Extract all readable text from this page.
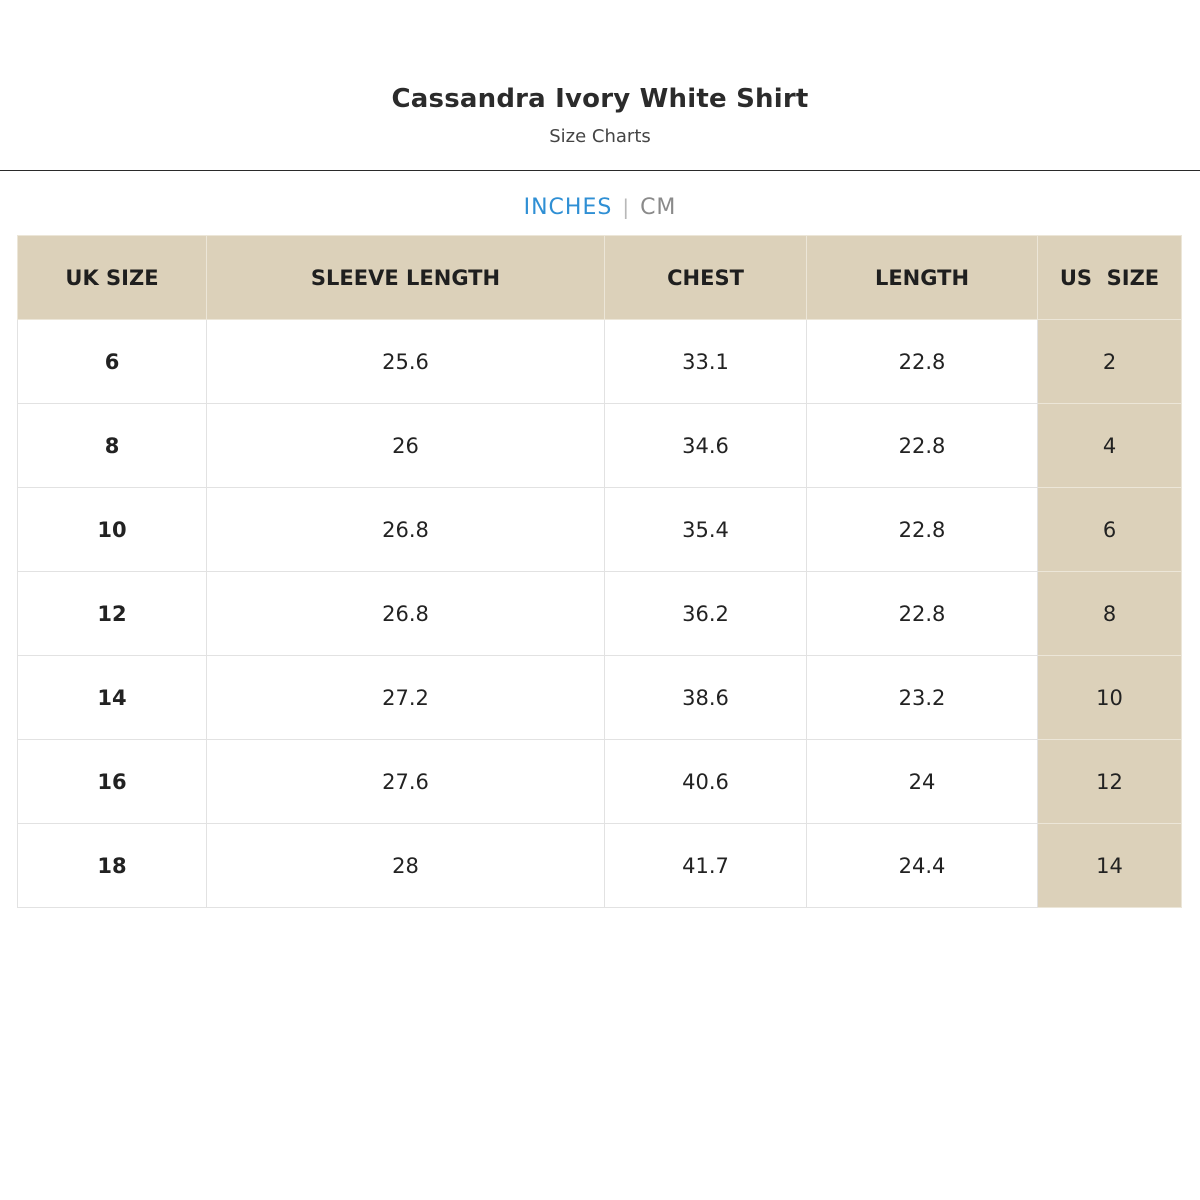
Cassandra Ivory White Shirt
Size Charts
INCHES | CM
UK SIZE	SLEEVE LENGTH	CHEST	LENGTH	US  SIZE
6	25.6	33.1	22.8	2
8	26	34.6	22.8	4
10	26.8	35.4	22.8	6
12	26.8	36.2	22.8	8
14	27.2	38.6	23.2	10
16	27.6	40.6	24	12
18	28	41.7	24.4	14
